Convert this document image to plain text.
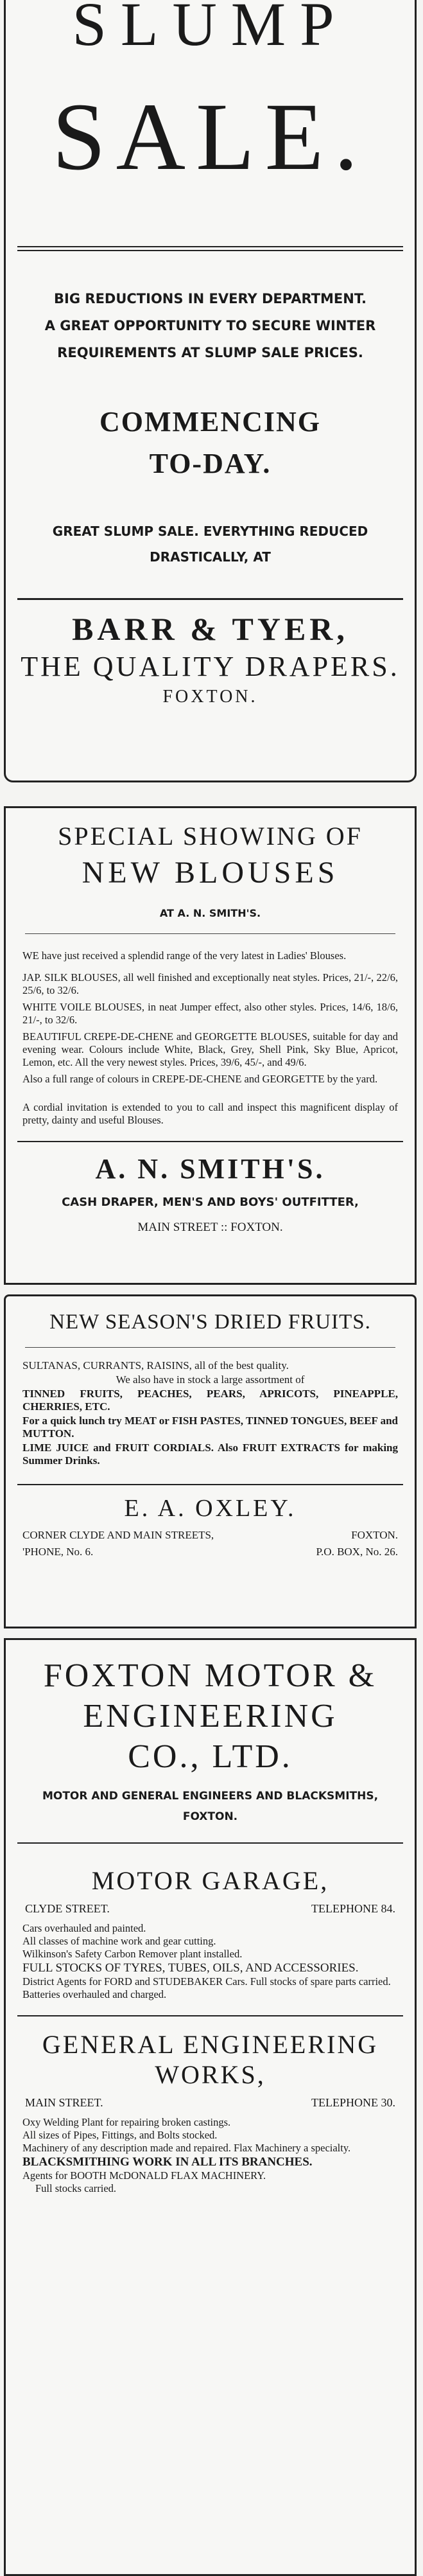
SLUMP
SALE.
BIG REDUCTIONS IN EVERY DEPARTMENT.
A GREAT OPPORTUNITY TO SECURE WINTER
REQUIREMENTS AT SLUMP SALE PRICES.
COMMENCING
TO-DAY.
GREAT SLUMP SALE. EVERYTHING REDUCED
DRASTICALLY, AT
BARR & TYER,
THE QUALITY DRAPERS.
FOXTON.
SPECIAL SHOWING OF
NEW BLOUSES
AT A. N. SMITH'S.

WE have just received a splendid range of the very latest in Ladies' Blouses.

JAP. SILK BLOUSES, all well finished and exceptionally neat styles. Prices, 21/-, 22/6, 25/6, to 32/6.

WHITE VOILE BLOUSES, in neat Jumper effect, also other styles. Prices, 14/6, 18/6, 21/-, to 32/6.

BEAUTIFUL CREPE-DE-CHENE and GEORGETTE BLOUSES, suitable for day and evening wear. Colours include White, Black, Grey, Shell Pink, Sky Blue, Apricot, Lemon, etc. All the very newest styles. Prices, 39/6, 45/-, and 49/6.

Also a full range of colours in CREPE-DE-CHENE and GEORGETTE by the yard.

A cordial invitation is extended to you to call and inspect this magnificent display of pretty, dainty and useful Blouses.

A. N. SMITH'S.
CASH DRAPER, MEN'S AND BOYS' OUTFITTER,
MAIN STREET :: FOXTON.
NEW SEASON'S DRIED FRUITS.

SULTANAS, CURRANTS, RAISINS, all of the best quality.

We also have in stock a large assortment of

TINNED FRUITS, PEACHES, PEARS, APRICOTS, PINEAPPLE, CHERRIES, ETC.

For a quick lunch try MEAT or FISH PASTES, TINNED TONGUES, BEEF and MUTTON.

LIME JUICE and FRUIT CORDIALS. Also FRUIT EXTRACTS for making Summer Drinks.

E. A. OXLEY.
CORNER CLYDE AND MAIN STREETS,	FOXTON.
'PHONE, No. 6.	P.O. BOX, No. 26.
FOXTON MOTOR &
ENGINEERING
CO., LTD.
MOTOR AND GENERAL ENGINEERS AND BLACKSMITHS,
FOXTON.
MOTOR GARAGE,
CLYDE STREET.	TELEPHONE 84.

Cars overhauled and painted.

All classes of machine work and gear cutting.

Wilkinson's Safety Carbon Remover plant installed.

FULL STOCKS OF TYRES, TUBES, OILS, AND ACCESSORIES.

District Agents for FORD and STUDEBAKER Cars. Full stocks of spare parts carried.

Batteries overhauled and charged.

GENERAL ENGINEERING
WORKS,
MAIN STREET.	TELEPHONE 30.

Oxy Welding Plant for repairing broken castings.

All sizes of Pipes, Fittings, and Bolts stocked.

Machinery of any description made and repaired. Flax Machinery a specialty.

BLACKSMITHING WORK IN ALL ITS BRANCHES.

Agents for BOOTH McDONALD FLAX MACHINERY.

Full stocks carried.
